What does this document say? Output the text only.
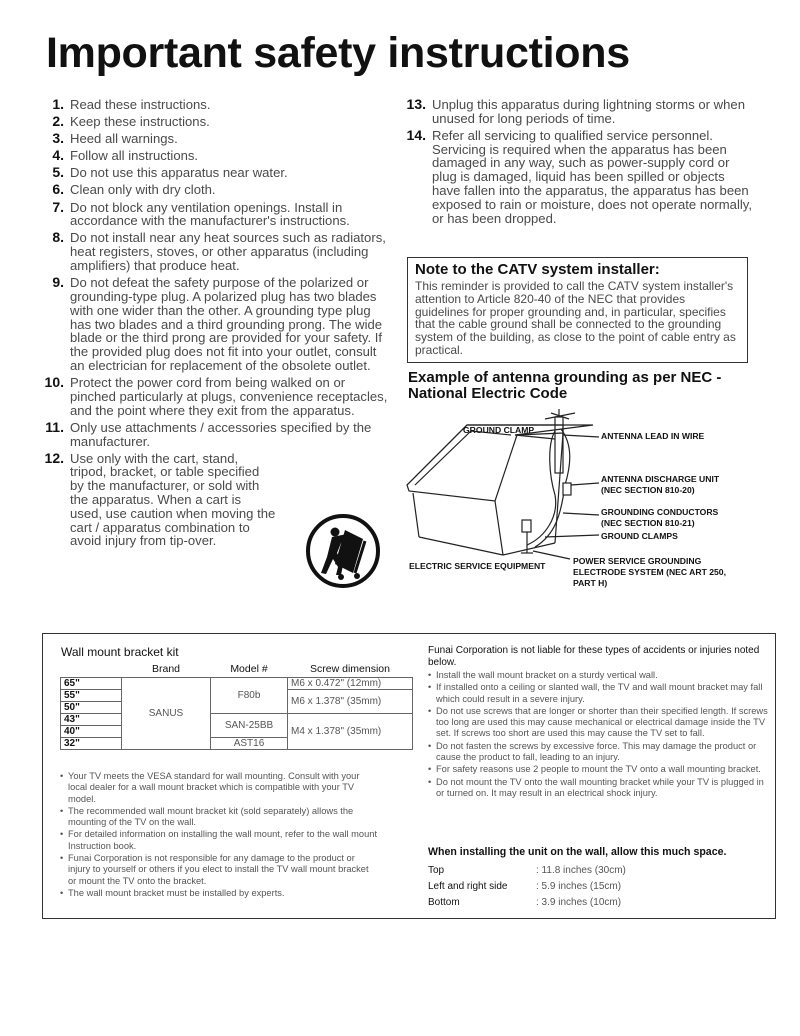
Important safety instructions
1. Read these instructions.
2. Keep these instructions.
3. Heed all warnings.
4. Follow all instructions.
5. Do not use this apparatus near water.
6. Clean only with dry cloth.
7. Do not block any ventilation openings. Install in accordance with the manufacturer's instructions.
8. Do not install near any heat sources such as radiators, heat registers, stoves, or other apparatus (including amplifiers) that produce heat.
9. Do not defeat the safety purpose of the polarized or grounding-type plug. A polarized plug has two blades with one wider than the other. A grounding type plug has two blades and a third grounding prong. The wide blade or the third prong are provided for your safety. If the provided plug does not fit into your outlet, consult an electrician for replacement of the obsolete outlet.
10. Protect the power cord from being walked on or pinched particularly at plugs, convenience receptacles, and the point where they exit from the apparatus.
11. Only use attachments / accessories specified by the manufacturer.
12. Use only with the cart, stand, tripod, bracket, or table specified by the manufacturer, or sold with the apparatus. When a cart is used, use caution when moving the cart / apparatus combination to avoid injury from tip-over.
13. Unplug this apparatus during lightning storms or when unused for long periods of time.
14. Refer all servicing to qualified service personnel. Servicing is required when the apparatus has been damaged in any way, such as power-supply cord or plug is damaged, liquid has been spilled or objects have fallen into the apparatus, the apparatus has been exposed to rain or moisture, does not operate normally, or has been dropped.
Note to the CATV system installer:

This reminder is provided to call the CATV system installer's attention to Article 820-40 of the NEC that provides guidelines for proper grounding and, in particular, specifies that the cable ground shall be connected to the grounding system of the building, as close to the point of cable entry as practical.

Example of antenna grounding as per NEC - National Electric Code
GROUND CLAMP
ANTENNA LEAD IN WIRE
ANTENNA DISCHARGE UNIT
(NEC SECTION 810-20)
GROUNDING CONDUCTORS
(NEC SECTION 810-21)
GROUND CLAMPS
ELECTRIC SERVICE EQUIPMENT	POWER SERVICE GROUNDING
ELECTRODE SYSTEM (NEC ART 250,
PART H)

Wall mount bracket kit

	Brand	Model #	Screw dimension
65"	SANUS	F80b	M6 x 0.472" (12mm)
55"			M6 x 1.378" (35mm)
50"			
43"		SAN-25BB	M4 x 1.378" (35mm)
40"			
32"		AST16	
• Your TV meets the VESA standard for wall mounting. Consult with your local dealer for a wall mount bracket which is compatible with your TV model.
• The recommended wall mount bracket kit (sold separately) allows the mounting of the TV on the wall.
• For detailed information on installing the wall mount, refer to the wall mount Instruction book.
• Funai Corporation is not responsible for any damage to the product or injury to yourself or others if you elect to install the TV wall mount bracket or mount the TV onto the bracket.
• The wall mount bracket must be installed by experts.

Funai Corporation is not liable for these types of accidents or injuries noted below.

• Install the wall mount bracket on a sturdy vertical wall.
• If installed onto a ceiling or slanted wall, the TV and wall mount bracket may fall which could result in a severe injury.
• Do not use screws that are longer or shorter than their specified length. If screws too long are used this may cause mechanical or electrical damage inside the TV set. If screws too short are used this may cause the TV set to fall.
• Do not fasten the screws by excessive force. This may damage the product or cause the product to fall, leading to an injury.
• For safety reasons use 2 people to mount the TV onto a wall mounting bracket.
• Do not mount the TV onto the wall mounting bracket while your TV is plugged in or turned on. It may result in an electrical shock injury.

When installing the unit on the wall, allow this much space.

Top	: 11.8 inches (30cm)
Left and right side	: 5.9 inches (15cm)
Bottom	: 3.9 inches (10cm)
